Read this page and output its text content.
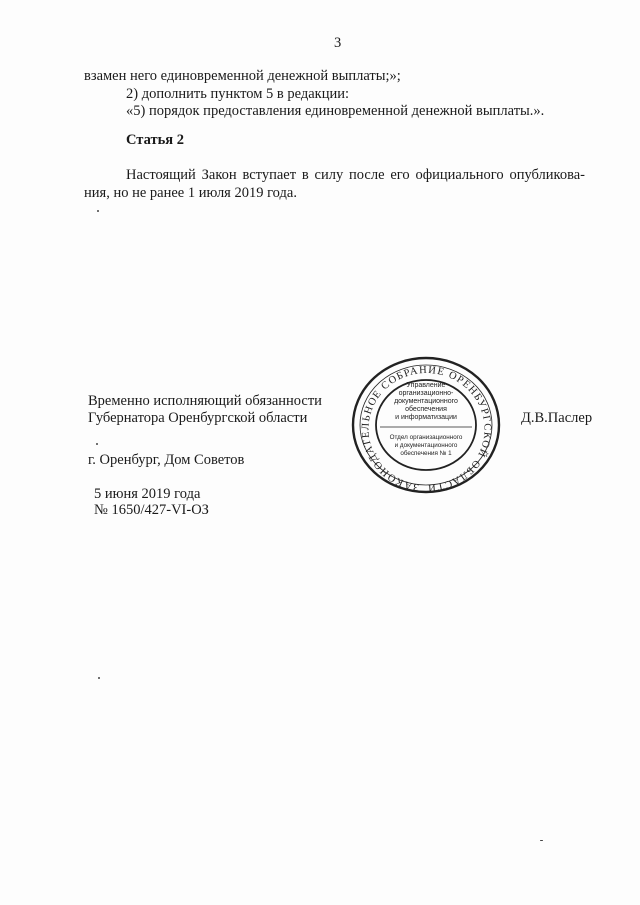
3
взамен него единовременной денежной выплаты;»;
2) дополнить пунктом 5 в редакции:
«5) порядок предоставления единовременной денежной выплаты.».
Статья 2
Настоящий Закон вступает в силу после его официального опубликова-
ния, но не ранее 1 июля 2019 года.
Временно исполняющий обязанности
Губернатора Оренбургской области	Д.В.Паслер
г. Оренбург, Дом Советов
5 июня 2019 года
№ 1650/427-VI-ОЗ
ЗАКОНОДАТЕЛЬНОЕ СОБРАНИЕ ОРЕНБУРГСКОЙ ОБЛАСТИ
Управление
организационно-
документационного
обеспечения
и информатизации
Отдел организационного
и документационного
обеспечения № 1
